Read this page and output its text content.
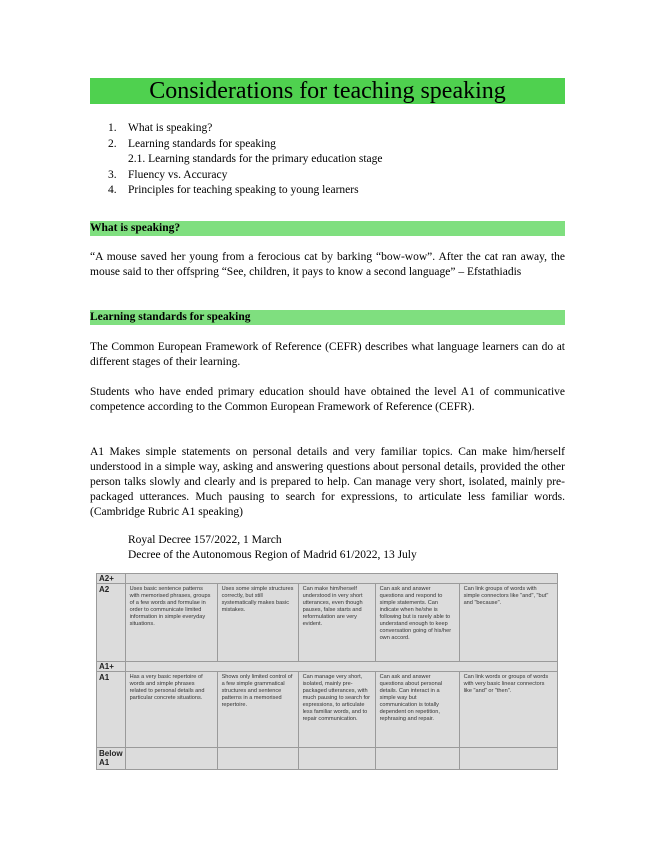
Considerations for teaching speaking
1. What is speaking?
2. Learning standards for speaking
2.1. Learning standards for the primary education stage
3. Fluency vs. Accuracy
4. Principles for teaching speaking to young learners
What is speaking?
“A mouse saved her young from a ferocious cat by barking “bow-wow”. After the cat ran away, the mouse said to ther offspring “See, children, it pays to know a second language” – Efstathiadis
Learning standards for speaking
The Common European Framework of Reference (CEFR) describes what language learners can do at different stages of their learning.
Students who have ended primary education should have obtained the level A1 of communicative competence according to the Common European Framework of Reference (CEFR).
A1 Makes simple statements on personal details and very familiar topics. Can make him/herself understood in a simple way, asking and answering questions about personal details, provided the other person talks slowly and clearly and is prepared to help. Can manage very short, isolated, mainly pre-packaged utterances. Much pausing to search for expressions, to articulate less familiar words. (Cambridge Rubric A1 speaking)
Royal Decree 157/2022, 1 March
Decree of the Autonomous Region of Madrid 61/2022, 13 July
A2+					
A2	Uses basic sentence patterns with memorised phrases, groups of a few words and formulae in order to communicate limited information in simple everyday situations.	Uses some simple structures correctly, but still systematically makes basic mistakes.	Can make him/herself understood in very short utterances, even though pauses, false starts and reformulation are very evident.	Can ask and answer questions and respond to simple statements. Can indicate when he/she is following but is rarely able to understand enough to keep conversation going of his/her own accord.	Can link groups of words with simple connectors like "and", "but" and "because".
A1+					
A1	Has a very basic repertoire of words and simple phrases related to personal details and particular concrete situations.	Shows only limited control of a few simple grammatical structures and sentence patterns in a memorised repertoire.	Can manage very short, isolated, mainly pre-packaged utterances, with much pausing to search for expressions, to articulate less familiar words, and to repair communication.	Can ask and answer questions about personal details. Can interact in a simple way but communication is totally dependent on repetition, rephrasing and repair.	Can link words or groups of words with very basic linear connectors like "and" or "then".
Below A1					
